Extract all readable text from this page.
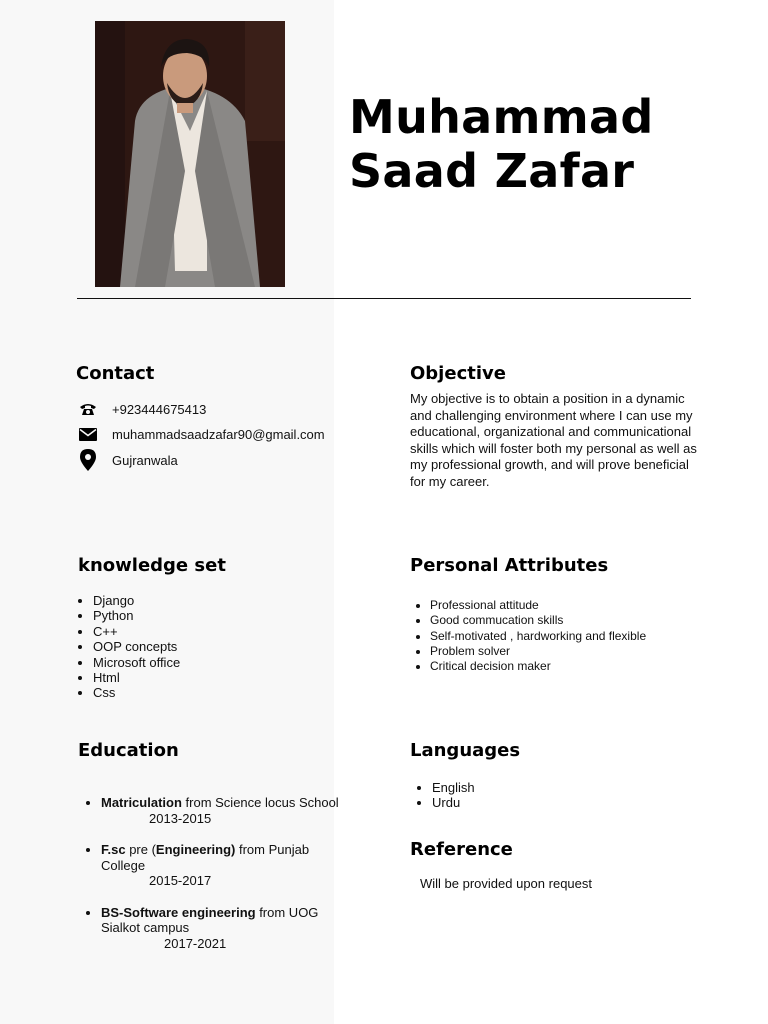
Muhammad
Saad Zafar
Contact
+923444675413
muhammadsaadzafar90@gmail.com
Gujranwala
Objective
My objective is to obtain a position in a dynamic and challenging environment where I can use my educational, organizational and communicational skills which will foster both my personal as well as my professional growth, and will prove beneficial for my career.
knowledge set
• Django
• Python
• C++
• OOP concepts
• Microsoft office
• Html
• Css
Personal Attributes
• Professional attitude
• Good commucation skills
• Self-motivated , hardworking and flexible
• Problem solver
• Critical decision maker
Education
• Matriculation from Science locus School
2013-2015
• F.sc pre (Engineering) from Punjab College
2015-2017
• BS-Software engineering from UOG Sialkot campus
2017-2021
Languages
• English
• Urdu
Reference
Will be provided upon request
